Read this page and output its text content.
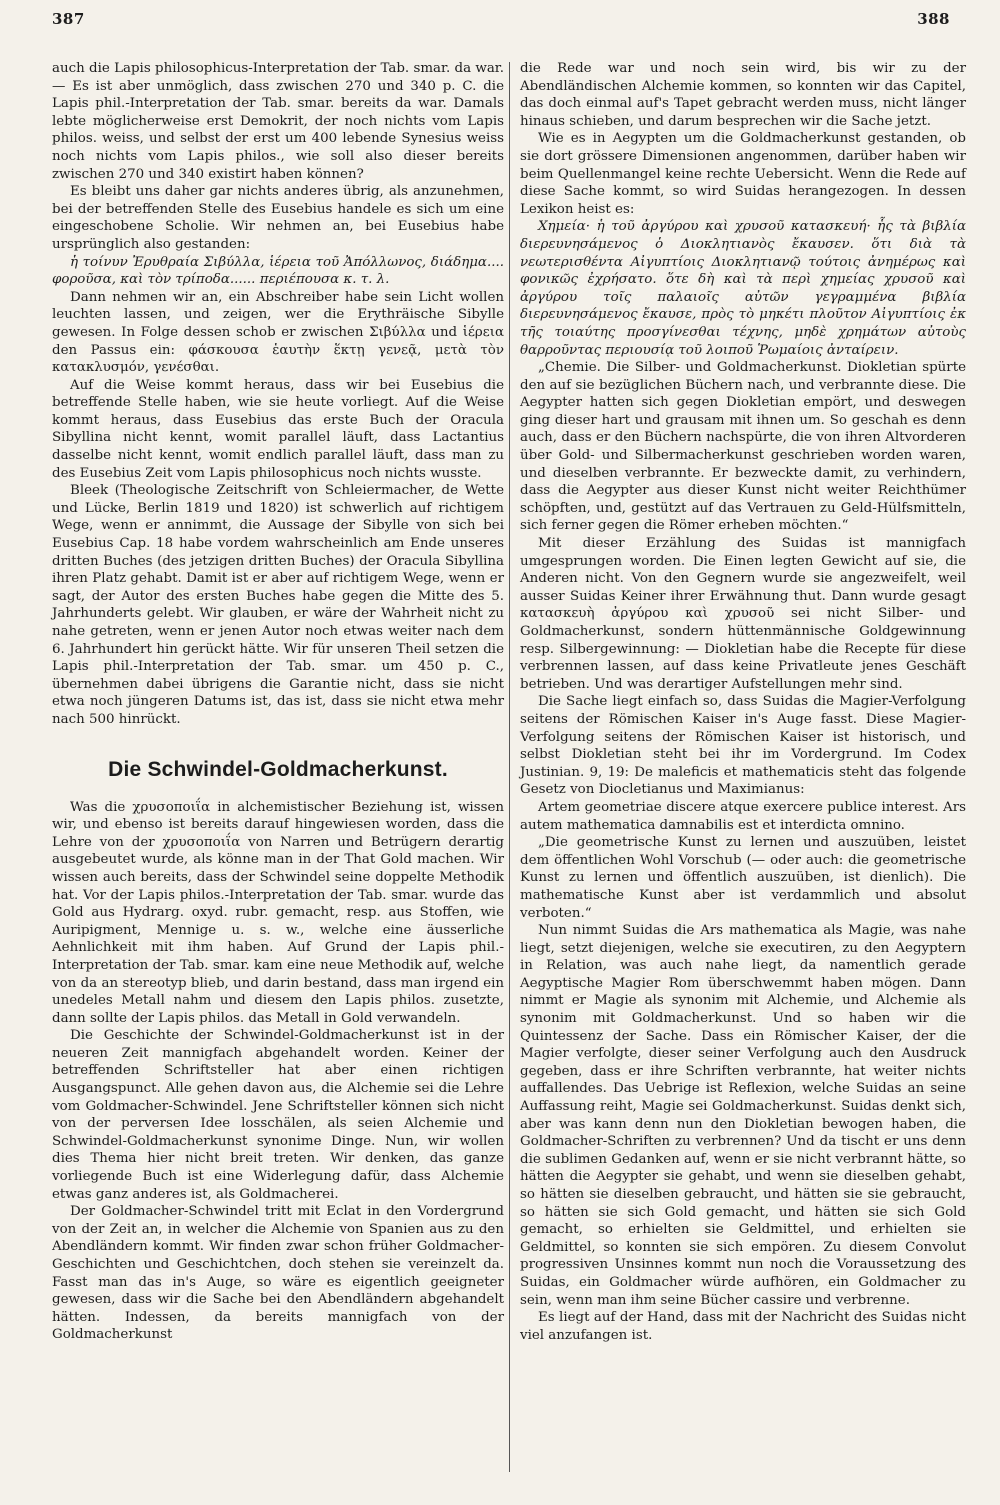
387	388

auch die Lapis philosophicus-Interpretation der Tab. smar. da war. — Es ist aber unmöglich, dass zwischen 270 und 340 p. C. die Lapis phil.-Interpretation der Tab. smar. bereits da war. Damals lebte möglicherweise erst Demokrit, der noch nichts vom Lapis philos. weiss, und selbst der erst um 400 lebende Synesius weiss noch nichts vom Lapis philos., wie soll also dieser bereits zwischen 270 und 340 existirt haben können?

Es bleibt uns daher gar nichts anderes übrig, als anzunehmen, bei der betreffenden Stelle des Eusebius handele es sich um eine eingeschobene Scholie. Wir nehmen an, bei Eusebius habe ursprünglich also gestanden:

ἡ τοίνυν Ἐρυθραία Σιβύλλα, ἱέρεια τοῦ Ἀπόλλωνος, διάδημα.... φοροῦσα, καὶ τὸν τρίποδα...... περιέπουσα κ. τ. λ.

Dann nehmen wir an, ein Abschreiber habe sein Licht wollen leuchten lassen, und zeigen, wer die Erythräische Sibylle gewesen. In Folge dessen schob er zwischen Σιβύλλα und ἱέρεια den Passus ein: φάσκουσα ἑαυτὴν ἕκτῃ γενεᾷ, μετὰ τὸν κατακλυσμόν, γενέσθαι.

Auf die Weise kommt heraus, dass wir bei Eusebius die betreffende Stelle haben, wie sie heute vorliegt. Auf die Weise kommt heraus, dass Eusebius das erste Buch der Oracula Sibyllina nicht kennt, womit parallel läuft, dass Lactantius dasselbe nicht kennt, womit endlich parallel läuft, dass man zu des Eusebius Zeit vom Lapis philosophicus noch nichts wusste.

Bleek (Theologische Zeitschrift von Schleiermacher, de Wette und Lücke, Berlin 1819 und 1820) ist schwerlich auf richtigem Wege, wenn er annimmt, die Aussage der Sibylle von sich bei Eusebius Cap. 18 habe vordem wahrscheinlich am Ende unseres dritten Buches (des jetzigen dritten Buches) der Oracula Sibyllina ihren Platz gehabt. Damit ist er aber auf richtigem Wege, wenn er sagt, der Autor des ersten Buches habe gegen die Mitte des 5. Jahrhunderts gelebt. Wir glauben, er wäre der Wahrheit nicht zu nahe getreten, wenn er jenen Autor noch etwas weiter nach dem 6. Jahrhundert hin gerückt hätte. Wir für unseren Theil setzen die Lapis phil.-Interpretation der Tab. smar. um 450 p. C., übernehmen dabei übrigens die Garantie nicht, dass sie nicht etwa noch jüngeren Datums ist, das ist, dass sie nicht etwa mehr nach 500 hinrückt.

Die Schwindel-Goldmacherkunst.

Was die χρυσοποιΐα in alchemistischer Beziehung ist, wissen wir, und ebenso ist bereits darauf hingewiesen worden, dass die Lehre von der χρυσοποιΐα von Narren und Betrügern derartig ausgebeutet wurde, als könne man in der That Gold machen. Wir wissen auch bereits, dass der Schwindel seine doppelte Methodik hat. Vor der Lapis philos.-Interpretation der Tab. smar. wurde das Gold aus Hydrarg. oxyd. rubr. gemacht, resp. aus Stoffen, wie Auripigment, Mennige u. s. w., welche eine äusserliche Aehnlichkeit mit ihm haben. Auf Grund der Lapis phil.-Interpretation der Tab. smar. kam eine neue Methodik auf, welche von da an stereotyp blieb, und darin bestand, dass man irgend ein unedeles Metall nahm und diesem den Lapis philos. zusetzte, dann sollte der Lapis philos. das Metall in Gold verwandeln.

Die Geschichte der Schwindel-Goldmacherkunst ist in der neueren Zeit mannigfach abgehandelt worden. Keiner der betreffenden Schriftsteller hat aber einen richtigen Ausgangspunct. Alle gehen davon aus, die Alchemie sei die Lehre vom Goldmacher-Schwindel. Jene Schriftsteller können sich nicht von der perversen Idee losschälen, als seien Alchemie und Schwindel-Goldmacherkunst synonime Dinge. Nun, wir wollen dies Thema hier nicht breit treten. Wir denken, das ganze vorliegende Buch ist eine Widerlegung dafür, dass Alchemie etwas ganz anderes ist, als Goldmacherei.

Der Goldmacher-Schwindel tritt mit Eclat in den Vordergrund von der Zeit an, in welcher die Alchemie von Spanien aus zu den Abendländern kommt. Wir finden zwar schon früher Goldmacher-Geschichten und Geschichtchen, doch stehen sie vereinzelt da. Fasst man das in's Auge, so wäre es eigentlich geeigneter gewesen, dass wir die Sache bei den Abendländern abgehandelt hätten. Indessen, da bereits mannigfach von der Goldmacherkunst

die Rede war und noch sein wird, bis wir zu der Abendländischen Alchemie kommen, so konnten wir das Capitel, das doch einmal auf's Tapet gebracht werden muss, nicht länger hinaus schieben, und darum besprechen wir die Sache jetzt.

Wie es in Aegypten um die Goldmacherkunst gestanden, ob sie dort grössere Dimensionen angenommen, darüber haben wir beim Quellenmangel keine rechte Uebersicht. Wenn die Rede auf diese Sache kommt, so wird Suidas herangezogen. In dessen Lexikon heist es:

Χημεία· ἡ τοῦ ἀργύρου καὶ χρυσοῦ κατασκευή· ἧς τὰ βιβλία διερευνησάμενος ὁ Διοκλητιανὸς ἔκαυσεν. ὅτι διὰ τὰ νεωτερισθέντα Αἰγυπτίοις Διοκλητιανῷ τούτοις ἀνημέρως καὶ φονικῶς ἐχρήσατο. ὅτε δὴ καὶ τὰ περὶ χημείας χρυσοῦ καὶ ἀργύρου τοῖς παλαιοῖς αὐτῶν γεγραμμένα βιβλία διερευνησάμενος ἔκαυσε, πρὸς τὸ μηκέτι πλοῦτον Αἰγυπτίοις ἐκ τῆς τοιαύτης προσγίνεσθαι τέχνης, μηδὲ χρημάτων αὐτοὺς θαρροῦντας περιουσίᾳ τοῦ λοιποῦ Ῥωμαίοις ἀνταίρειν.

„Chemie. Die Silber- und Goldmacherkunst. Diokletian spürte den auf sie bezüglichen Büchern nach, und verbrannte diese. Die Aegypter hatten sich gegen Diokletian empört, und deswegen ging dieser hart und grausam mit ihnen um. So geschah es denn auch, dass er den Büchern nachspürte, die von ihren Altvorderen über Gold- und Silbermacherkunst geschrieben worden waren, und dieselben verbrannte. Er bezweckte damit, zu verhindern, dass die Aegypter aus dieser Kunst nicht weiter Reichthümer schöpften, und, gestützt auf das Vertrauen zu Geld-Hülfsmitteln, sich ferner gegen die Römer erheben möchten.“

Mit dieser Erzählung des Suidas ist mannigfach umgesprungen worden. Die Einen legten Gewicht auf sie, die Anderen nicht. Von den Gegnern wurde sie angezweifelt, weil ausser Suidas Keiner ihrer Erwähnung thut. Dann wurde gesagt κατασκευὴ ἀργύρου καὶ χρυσοῦ sei nicht Silber- und Goldmacherkunst, sondern hüttenmännische Goldgewinnung resp. Silbergewinnung: — Diokletian habe die Recepte für diese verbrennen lassen, auf dass keine Privatleute jenes Geschäft betrieben. Und was derartiger Aufstellungen mehr sind.

Die Sache liegt einfach so, dass Suidas die Magier-Verfolgung seitens der Römischen Kaiser in's Auge fasst. Diese Magier-Verfolgung seitens der Römischen Kaiser ist historisch, und selbst Diokletian steht bei ihr im Vordergrund. Im Codex Justinian. 9, 19: De maleficis et mathematicis steht das folgende Gesetz von Diocletianus und Maximianus:

Artem geometriae discere atque exercere publice interest. Ars autem mathematica damnabilis est et interdicta omnino.

„Die geometrische Kunst zu lernen und auszuüben, leistet dem öffentlichen Wohl Vorschub (— oder auch: die geometrische Kunst zu lernen und öffentlich auszuüben, ist dienlich). Die mathematische Kunst aber ist verdammlich und absolut verboten.“

Nun nimmt Suidas die Ars mathematica als Magie, was nahe liegt, setzt diejenigen, welche sie executiren, zu den Aegyptern in Relation, was auch nahe liegt, da namentlich gerade Aegyptische Magier Rom überschwemmt haben mögen. Dann nimmt er Magie als synonim mit Alchemie, und Alchemie als synonim mit Goldmacherkunst. Und so haben wir die Quintessenz der Sache. Dass ein Römischer Kaiser, der die Magier verfolgte, dieser seiner Verfolgung auch den Ausdruck gegeben, dass er ihre Schriften verbrannte, hat weiter nichts auffallendes. Das Uebrige ist Reflexion, welche Suidas an seine Auffassung reiht, Magie sei Goldmacherkunst. Suidas denkt sich, aber was kann denn nun den Diokletian bewogen haben, die Goldmacher-Schriften zu verbrennen? Und da tischt er uns denn die sublimen Gedanken auf, wenn er sie nicht verbrannt hätte, so hätten die Aegypter sie gehabt, und wenn sie dieselben gehabt, so hätten sie dieselben gebraucht, und hätten sie sie gebraucht, so hätten sie sich Gold gemacht, und hätten sie sich Gold gemacht, so erhielten sie Geldmittel, und erhielten sie Geldmittel, so konnten sie sich empören. Zu diesem Convolut progressiven Unsinnes kommt nun noch die Voraussetzung des Suidas, ein Goldmacher würde aufhören, ein Goldmacher zu sein, wenn man ihm seine Bücher cassire und verbrenne.

Es liegt auf der Hand, dass mit der Nachricht des Suidas nicht viel anzufangen ist.
